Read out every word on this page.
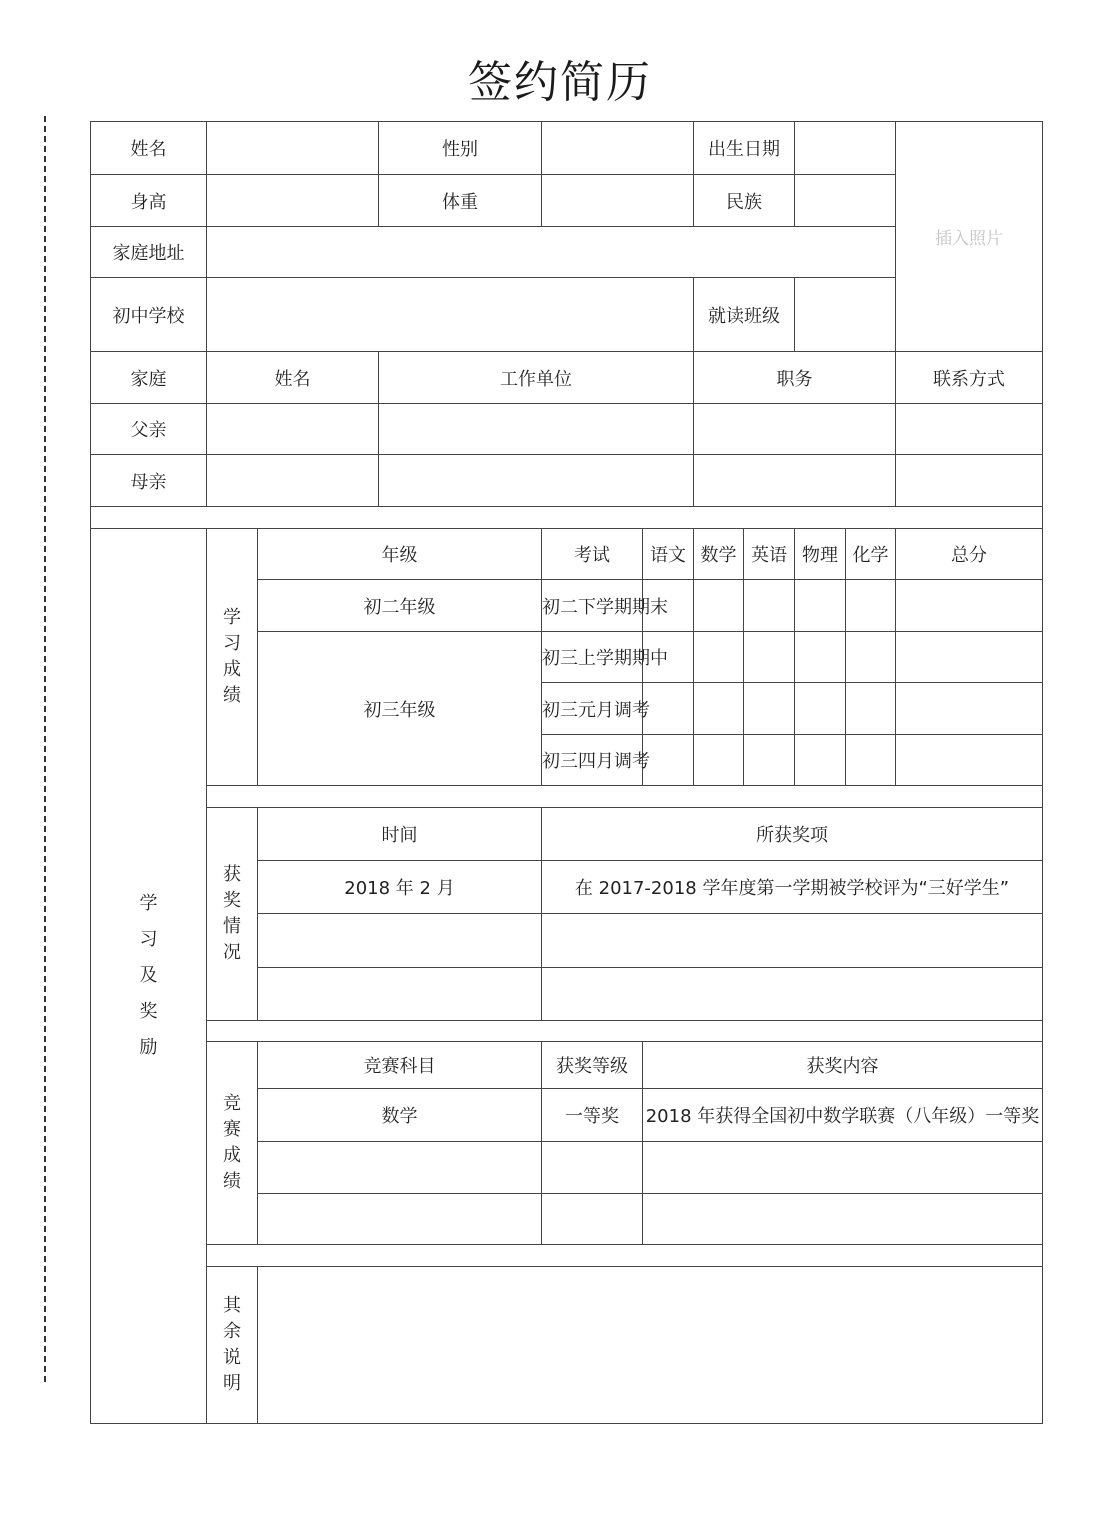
签约简历
姓名			性别			出生日期				插入照片	
身高			体重			民族					
家庭地址											
初中学校						就读班级					
家庭	姓名		工作单位			职务				联系方式	
父亲											
母亲											

学习及奖励	学习成绩	年级		考试	语文	数学	英语	物理	化学	总分	
		初二年级		初二下学期期末							
		初三年级		初三上学期期中							
				初三元月调考							
				初三四月调考							

	获奖情况	时间		所获奖项							
		2018 年 2 月		在 2017-2018 学年度第一学期被学校评为“三好学生”							

	竞赛成绩	竞赛科目		获奖等级	获奖内容						
		数学		一等奖	2018 年获得全国初中数学联赛（八年级）一等奖						

	其余说明										
